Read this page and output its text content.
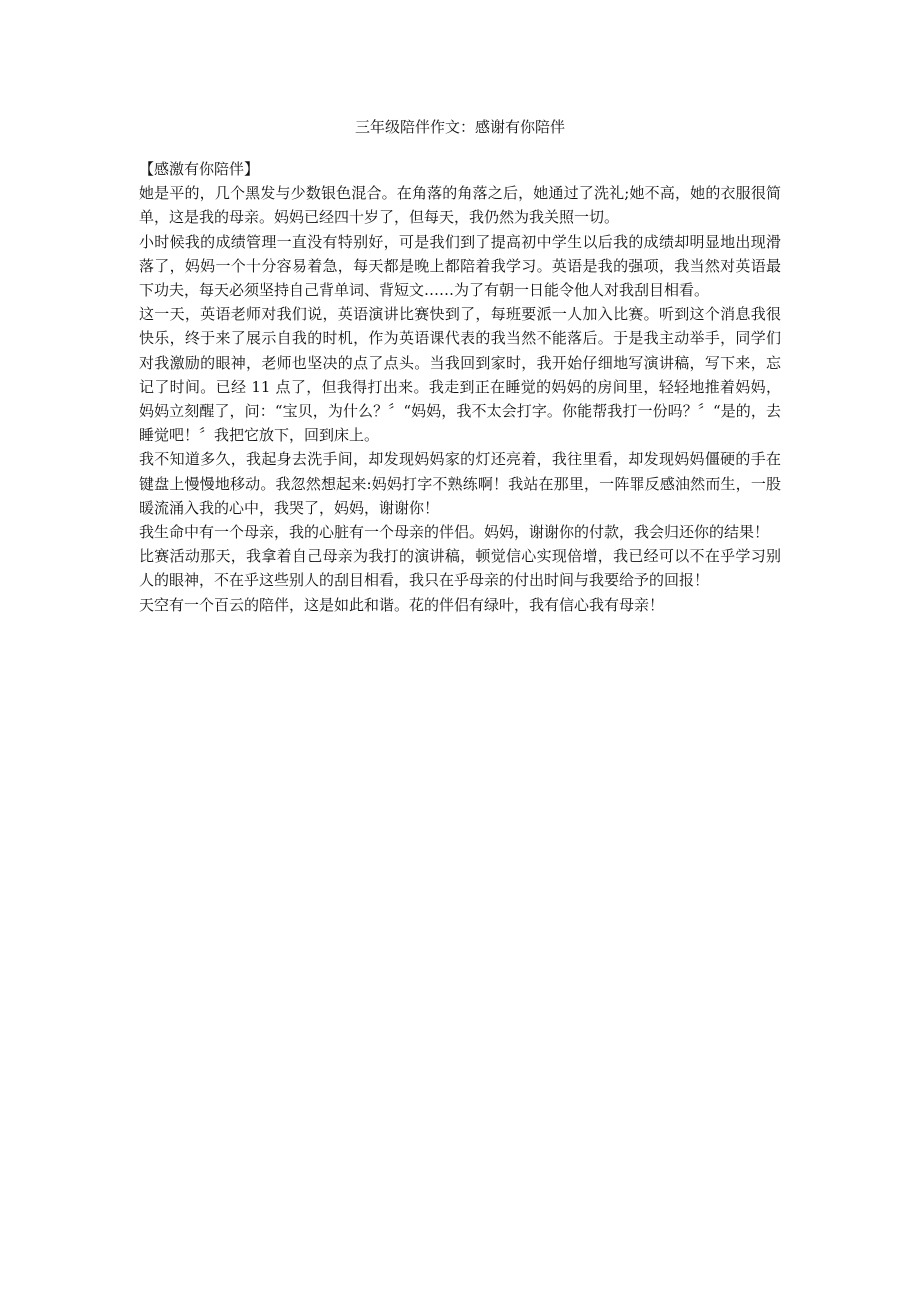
三年级陪伴作文：感谢有你陪伴

【感激有你陪伴】

她是平的，几个黑发与少数银色混合。在角落的角落之后，她通过了洗礼;她不高，她的衣服很简单，这是我的母亲。妈妈已经四十岁了，但每天，我仍然为我关照一切。

小时候我的成绩管理一直没有特别好，可是我们到了提高初中学生以后我的成绩却明显地出现滑落了，妈妈一个十分容易着急，每天都是晚上都陪着我学习。英语是我的强项，我当然对英语最下功夫，每天必须坚持自己背单词、背短文……为了有朝一日能令他人对我刮目相看。

这一天，英语老师对我们说，英语演讲比赛快到了，每班要派一人加入比赛。听到这个消息我很快乐，终于来了展示自我的时机，作为英语课代表的我当然不能落后。于是我主动举手，同学们对我激励的眼神，老师也坚决的点了点头。当我回到家时，我开始仔细地写演讲稿，写下来，忘记了时间。已经 11 点了，但我得打出来。我走到正在睡觉的妈妈的房间里，轻轻地推着妈妈，妈妈立刻醒了，问：“宝贝，为什么？〞“妈妈，我不太会打字。你能帮我打一份吗？〞“是的，去睡觉吧！〞我把它放下，回到床上。

我不知道多久，我起身去洗手间，却发现妈妈家的灯还亮着，我往里看，却发现妈妈僵硬的手在键盘上慢慢地移动。我忽然想起来:妈妈打字不熟练啊！我站在那里，一阵罪反感油然而生，一股暖流涌入我的心中，我哭了，妈妈，谢谢你！

我生命中有一个母亲，我的心脏有一个母亲的伴侣。妈妈，谢谢你的付款，我会归还你的结果！

比赛活动那天，我拿着自己母亲为我打的演讲稿，顿觉信心实现倍增，我已经可以不在乎学习别人的眼神，不在乎这些别人的刮目相看，我只在乎母亲的付出时间与我要给予的回报！

天空有一个百云的陪伴，这是如此和谐。花的伴侣有绿叶，我有信心我有母亲！
